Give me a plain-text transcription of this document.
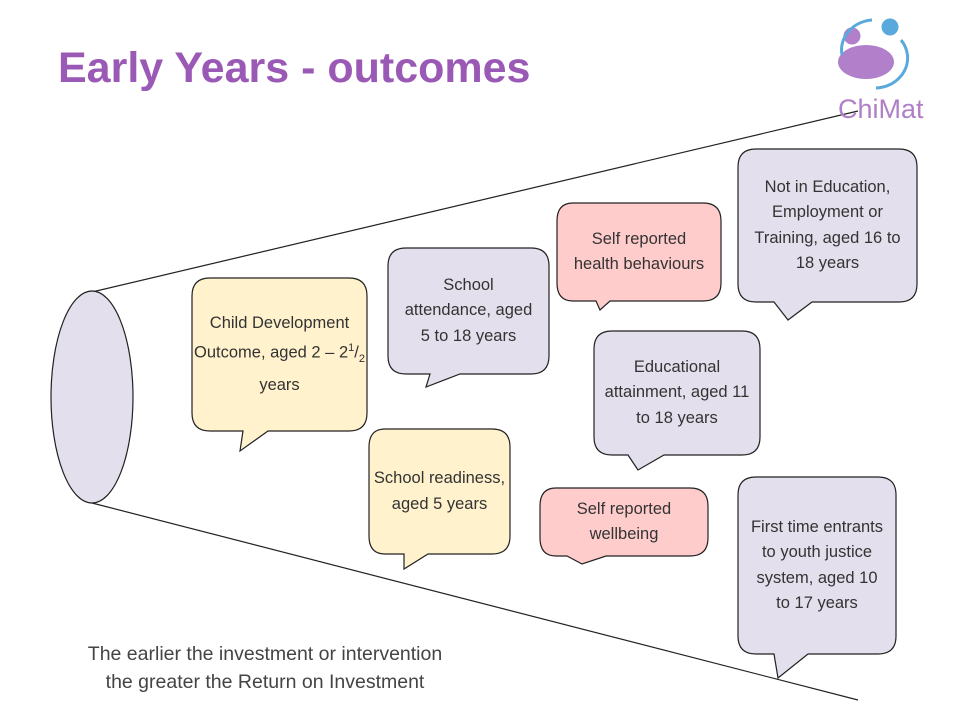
Early Years - outcomes
ChiMat
Child Development Outcome, aged $2 - 2^1/_2$
years
School readiness, aged 5 years
School attendance, aged 5 to 18 years
Self reported health behaviours
Educational attainment, aged 11 to 18 years
Self reported wellbeing
Not in Education, Employment or Training, aged 16 to 18 years
First time entrants to youth justice system, aged 10 to 17 years
The earlier the investment or intervention
the greater the Return on Investment
